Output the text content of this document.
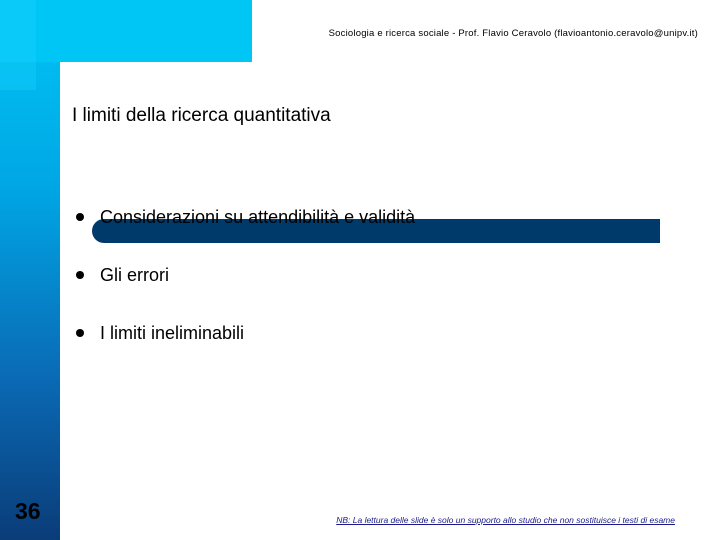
Sociologia e ricerca sociale - Prof. Flavio Ceravolo (flavioantonio.ceravolo@unipv.it)
I limiti della ricerca quantitativa
Considerazioni su attendibilità e validità
Gli errori
I limiti ineliminabili
36	NB: La lettura delle slide è solo un supporto allo studio che non sostituisce i testi di esame
